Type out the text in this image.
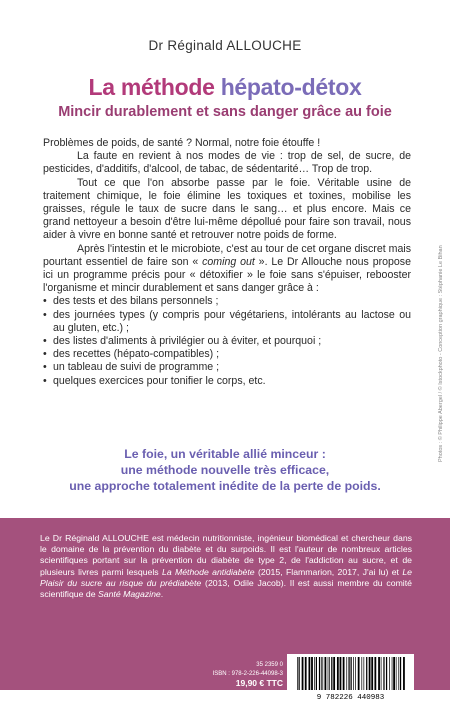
Dr Réginald ALLOUCHE
La méthode hépato-détox
Mincir durablement et sans danger grâce au foie

Problèmes de poids, de santé ? Normal, notre foie étouffe !

La faute en revient à nos modes de vie : trop de sel, de sucre, de pesticides, d'additifs, d'alcool, de tabac, de sédentarité… Trop de trop.

Tout ce que l'on absorbe passe par le foie. Véritable usine de traitement chimique, le foie élimine les toxiques et toxines, mobilise les graisses, régule le taux de sucre dans le sang… et plus encore. Mais ce grand nettoyeur a besoin d'être lui-même dépollué pour faire son travail, nous aider à vivre en bonne santé et retrouver notre poids de forme.

Après l'intestin et le microbiote, c'est au tour de cet organe discret mais pourtant essentiel de faire son « coming out ». Le Dr Allouche nous propose ici un programme précis pour « détoxifier » le foie sans s'épuiser, rebooster l'organisme et mincir durablement et sans danger grâce à :

• des tests et des bilans personnels ;
• des journées types (y compris pour végétariens, intolérants au lactose ou au gluten, etc.) ;
• des listes d'aliments à privilégier ou à éviter, et pourquoi ;
• des recettes (hépato-compatibles) ;
• un tableau de suivi de programme ;
• quelques exercices pour tonifier le corps, etc.
Le foie, un véritable allié minceur :
une méthode nouvelle très efficace,
une approche totalement inédite de la perte de poids.
Photos : © Philippe Abergel / © Istockphoto - Conception graphique : Stéphanie Le Bihan
Le Dr Réginald ALLOUCHE est médecin nutritionniste, ingénieur biomédical et chercheur dans le domaine de la prévention du diabète et du surpoids. Il est l'auteur de nombreux articles scientifiques portant sur la prévention du diabète de type 2, de l'addiction au sucre, et de plusieurs livres parmi lesquels La Méthode antidiabète (2015, Flammarion, 2017, J'ai lu) et Le Plaisir du sucre au risque du prédiabète (2013, Odile Jacob). Il est aussi membre du comité scientifique de Santé Magazine.
35 2359 0
ISBN : 978-2-226-44098-3
19,90 € TTC
9 782226 440983
